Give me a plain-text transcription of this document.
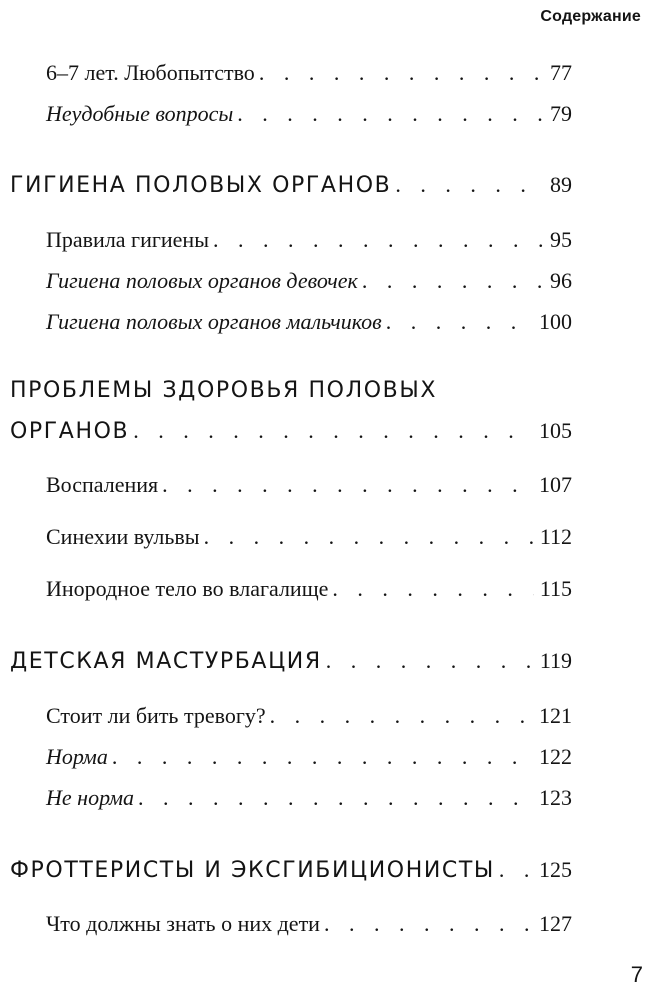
Содержание
6–7 лет. Любопытство . . .	77
Неудобные вопросы . . .	79
ГИГИЕНА ПОЛОВЫХ ОРГАНОВ . . .	89
Правила гигиены . . .	95
Гигиена половых органов девочек . . .	96
Гигиена половых органов мальчиков . . .	100
ПРОБЛЕМЫ ЗДОРОВЬЯ ПОЛОВЫХ
ОРГАНОВ . . .	105
Воспаления . . .	107
Синехии вульвы . . .	112
Инородное тело во влагалище . . .	115
ДЕТСКАЯ МАСТУРБАЦИЯ . . .	119
Стоит ли бить тревогу? . . .	121
Норма . . .	122
Не норма . . .	123
ФРОТТЕРИСТЫ И ЭКСГИБИЦИОНИСТЫ . . . 125
Что должны знать о них дети . . .	127
7
